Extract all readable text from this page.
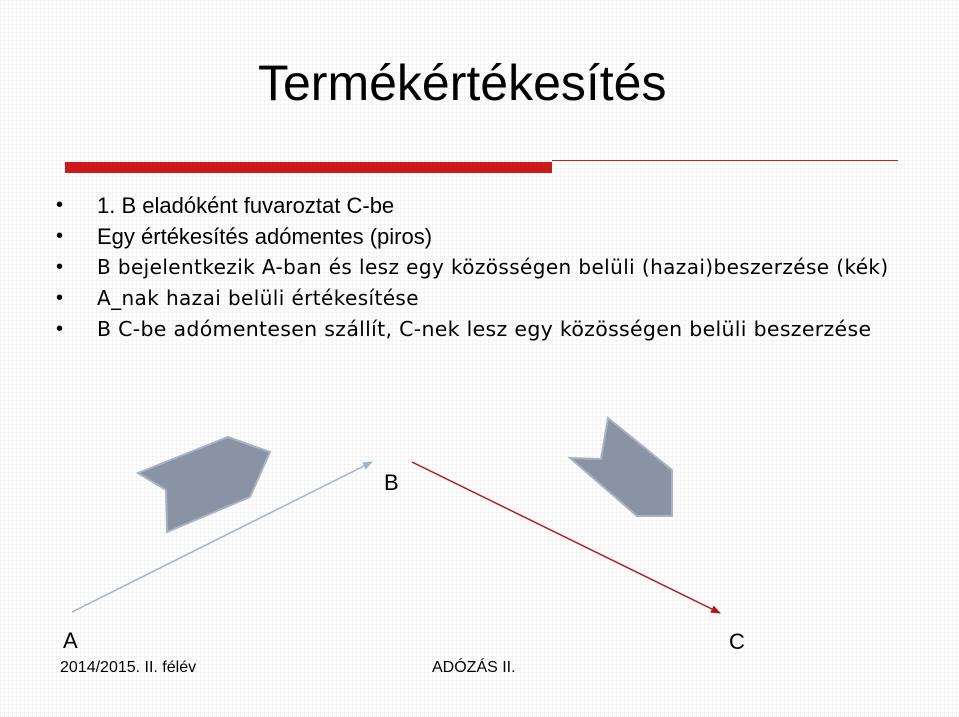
Termékértékesítés
• 1. B eladóként fuvaroztat C-be
• Egy értékesítés adómentes (piros)
• B bejelentkezik A-ban és lesz egy közösségen belüli (hazai)beszerzése (kék)
• A_nak hazai belüli értékesítése
• B C-be adómentesen szállít, C-nek lesz egy közösségen belüli beszerzése
B
A	C
2014/2015. II. félév	ADÓZÁS II.
